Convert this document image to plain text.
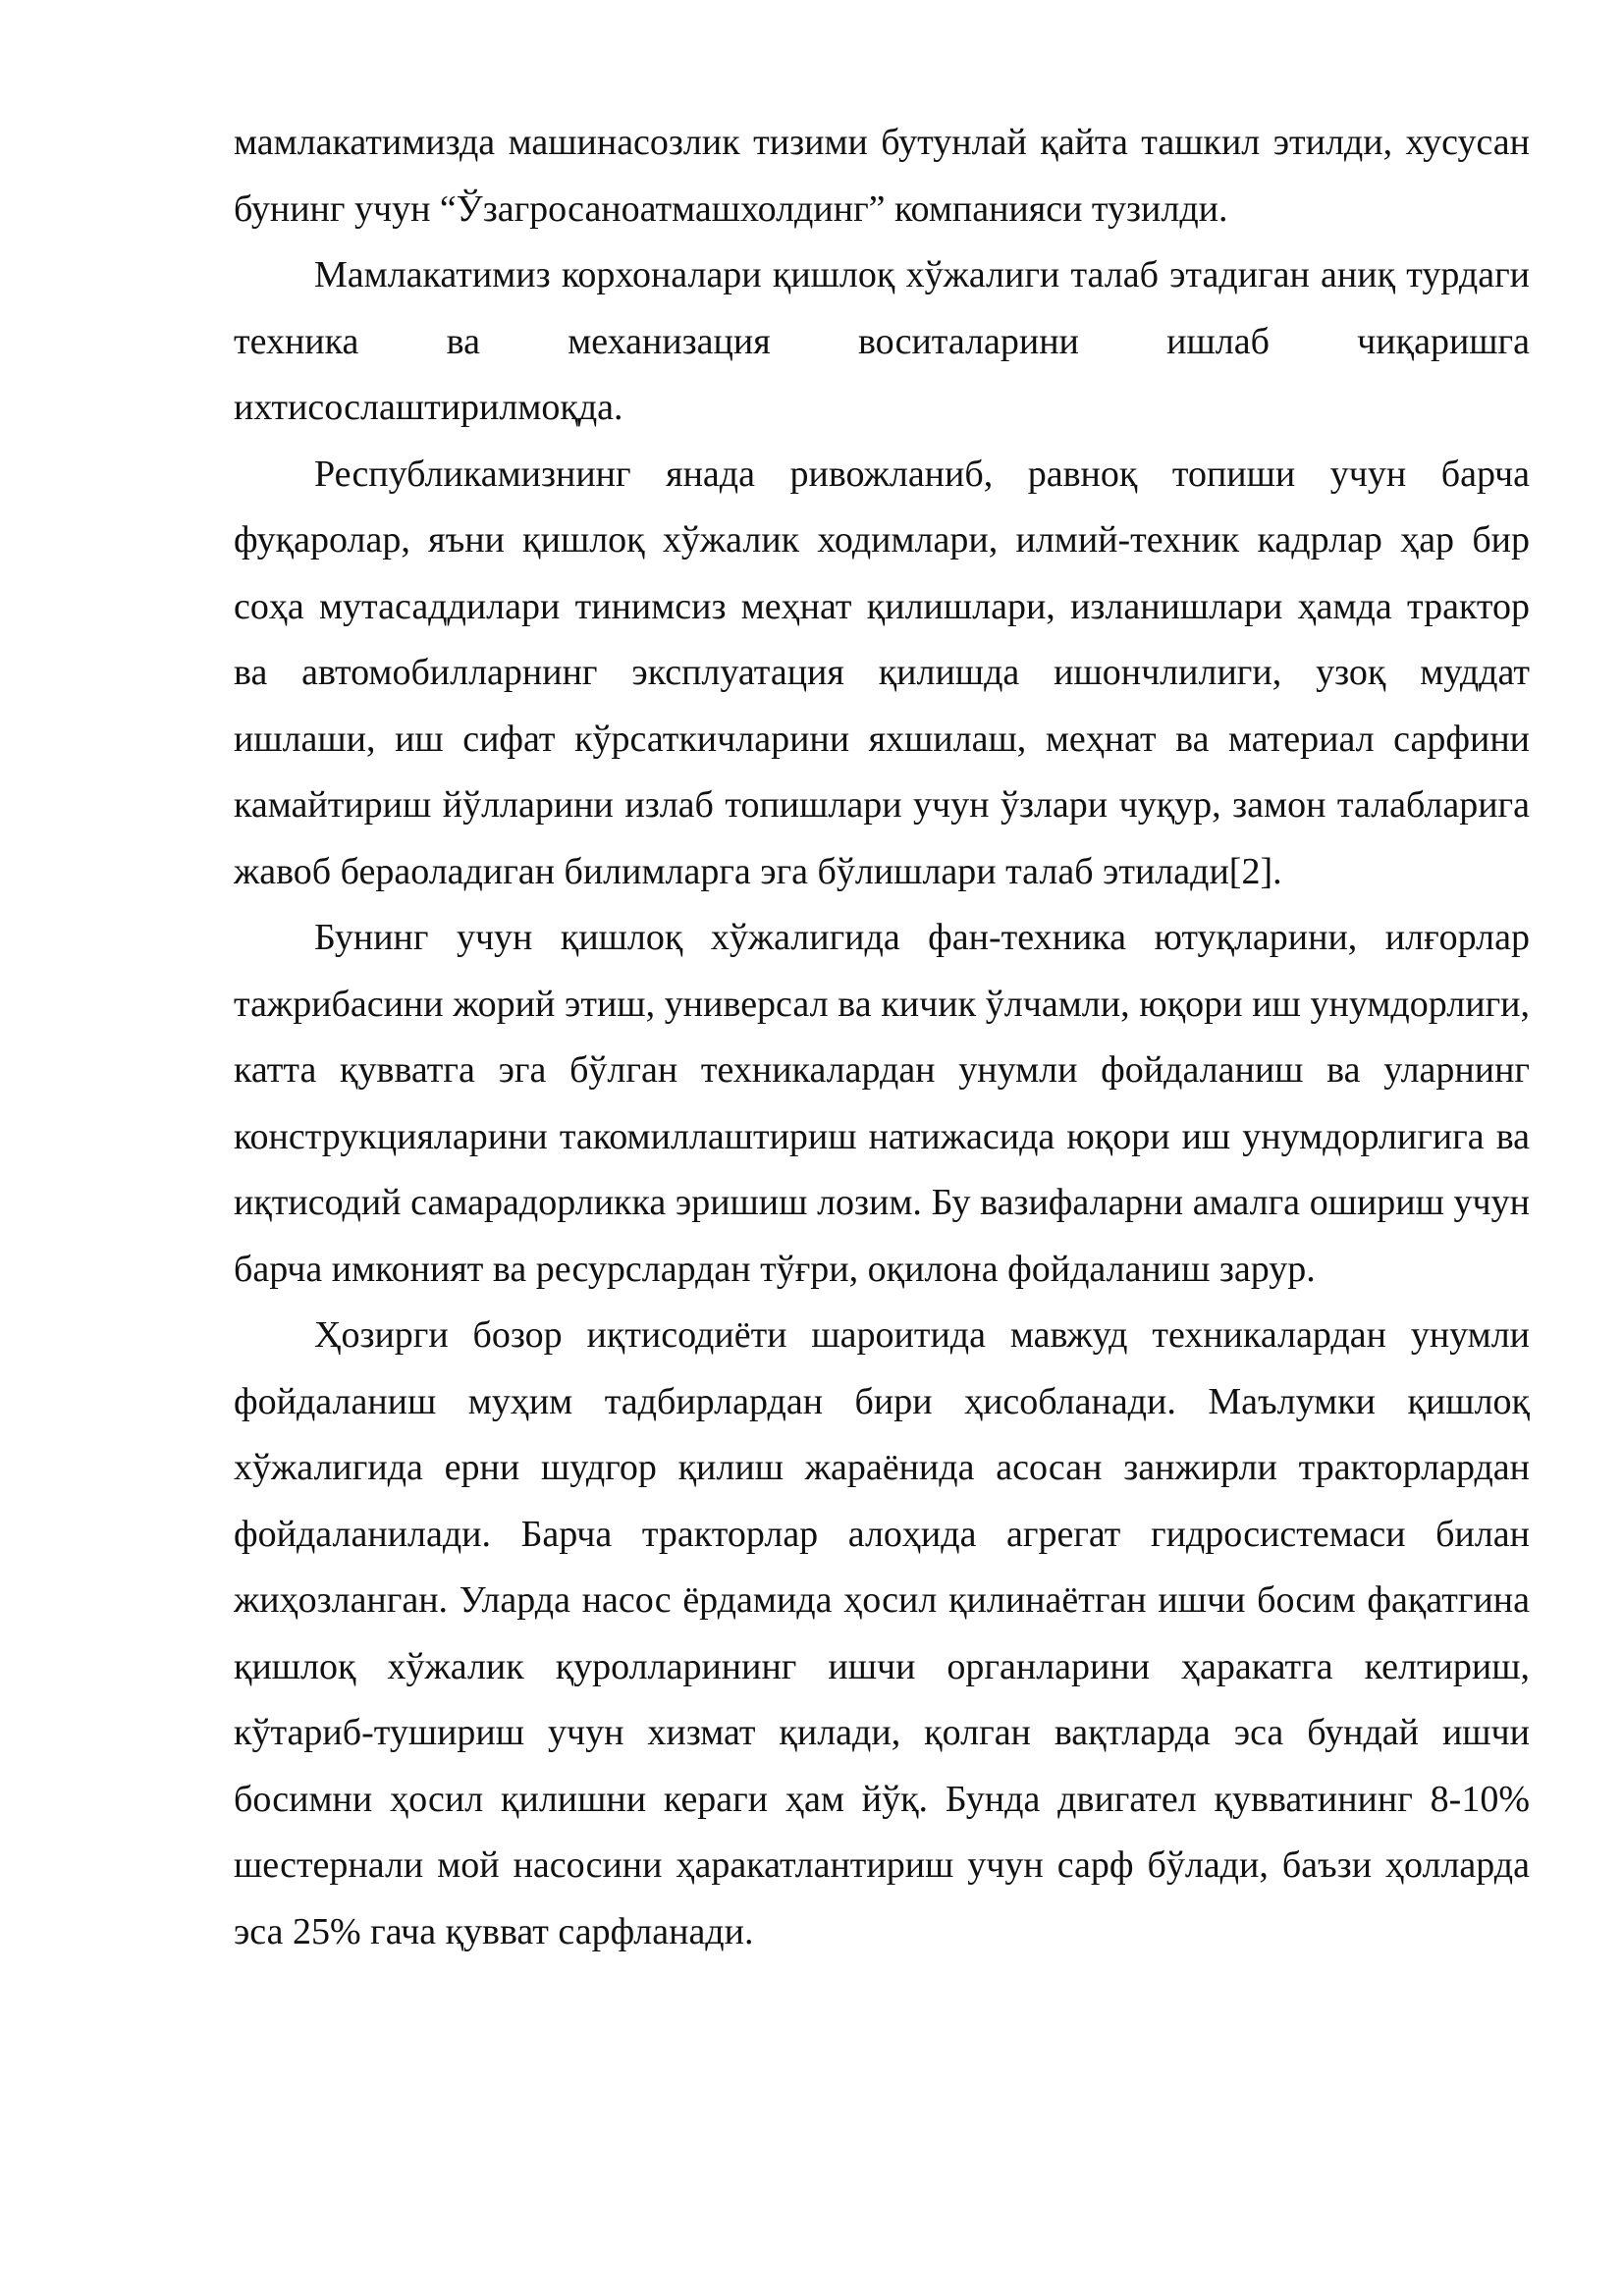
мамлакатимизда машинасозлик тизими бутунлай қайта ташкил этилди, хусусан бунинг учун “Ўзагросаноатмашхолдинг” компанияси тузилди.

Мамлакатимиз корхоналари қишлоқ хўжалиги талаб этадиган аниқ турдаги техника ва механизация воситаларини ишлаб чиқаришга ихтисослаштирилмоқда.

Республикамизнинг янада ривожланиб, равноқ топиши учун барча фуқаролар, яъни қишлоқ хўжалик ходимлари, илмий-техник кадрлар ҳар бир соҳа мутасаддилари тинимсиз меҳнат қилишлари, изланишлари ҳамда трактор ва автомобилларнинг эксплуатация қилишда ишончлилиги, узоқ муддат ишлаши, иш сифат кўрсаткичларини яхшилаш, меҳнат ва материал сарфини камайтириш йўлларини излаб топишлари учун ўзлари чуқур, замон талабларига жавоб бераоладиган билимларга эга бўлишлари талаб этилади[2].

Бунинг учун қишлоқ хўжалигида фан-техника ютуқларини, илғорлар тажрибасини жорий этиш, универсал ва кичик ўлчамли, юқори иш унумдорлиги, катта қувватга эга бўлган техникалардан унумли фойдаланиш ва уларнинг конструкцияларини такомиллаштириш натижасида юқори иш унумдорлигига ва иқтисодий самарадорликка эришиш лозим. Бу вазифаларни амалга ошириш учун барча имконият ва ресурслардан тўғри, оқилона фойдаланиш зарур.

Ҳозирги бозор иқтисодиёти шароитида мавжуд техникалардан унумли фойдаланиш муҳим тадбирлардан бири ҳисобланади. Маълумки қишлоқ хўжалигида ерни шудгор қилиш жараёнида асосан занжирли тракторлардан фойдаланилади. Барча тракторлар алоҳида агрегат гидросистемаси билан жиҳозланган. Уларда насос ёрдамида ҳосил қилинаётган ишчи босим фақатгина қишлоқ хўжалик қуролларининг ишчи органларини ҳаракатга келтириш, кўтариб-тушириш учун хизмат қилади, қолган вақтларда эса бундай ишчи босимни ҳосил қилишни кераги ҳам йўқ. Бунда двигател қувватининг 8-10% шестернали мой насосини ҳаракатлантириш учун сарф бўлади, баъзи ҳолларда эса 25% гача қувват сарфланади.
